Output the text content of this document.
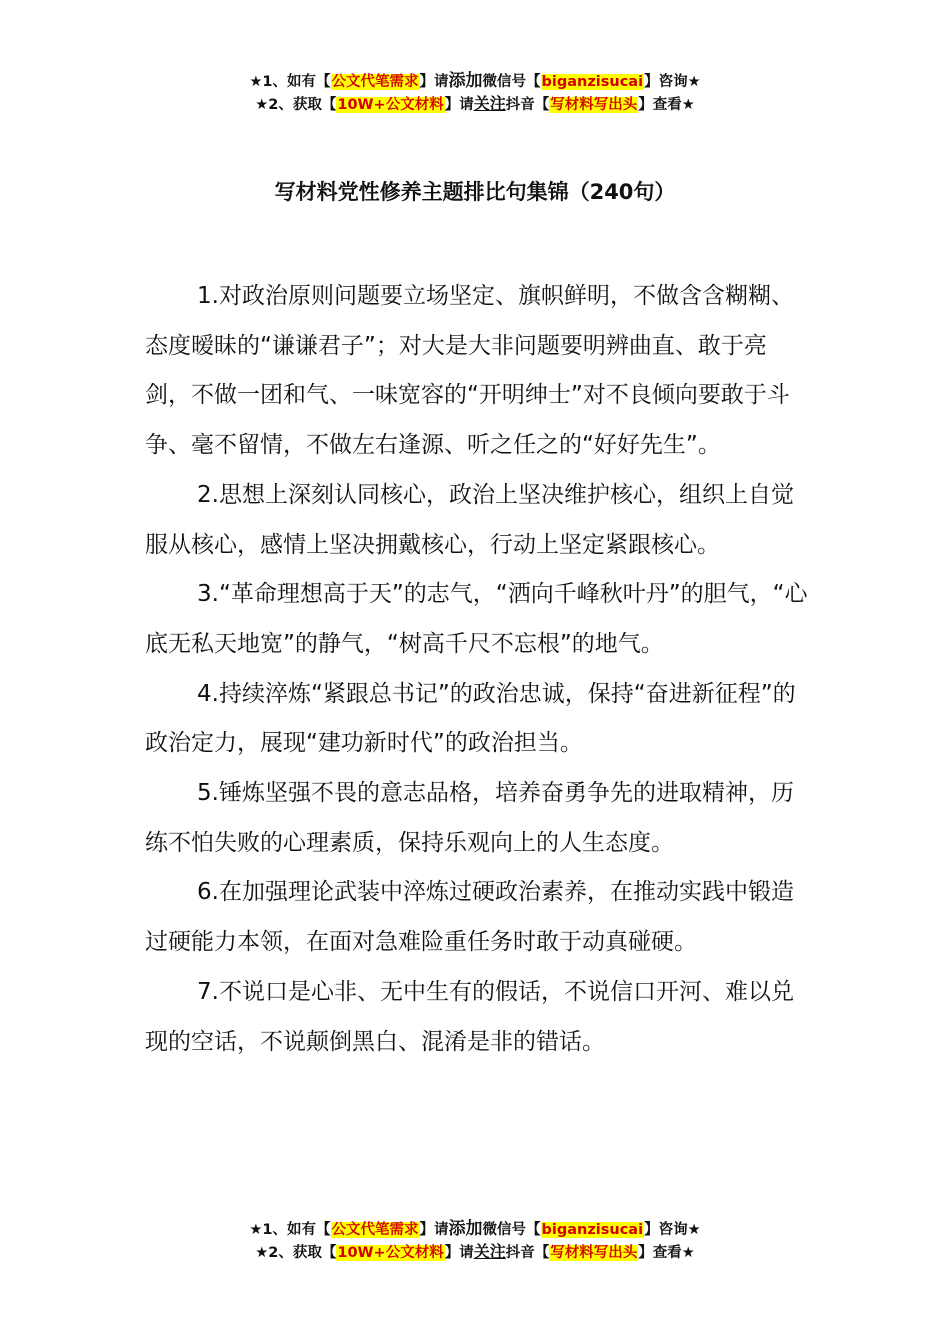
★1、如有【公文代笔需求】请添加微信号【biganzisucai】咨询★
★2、获取【10W+公文材料】请关注抖音【写材料写出头】查看★
写材料党性修养主题排比句集锦（240句）

1.对政治原则问题要立场坚定、旗帜鲜明，不做含含糊糊、态度暧昧的“谦谦君子”；对大是大非问题要明辨曲直、敢于亮剑，不做一团和气、一味宽容的“开明绅士”对不良倾向要敢于斗争、毫不留情，不做左右逢源、听之任之的“好好先生”。

2.思想上深刻认同核心，政治上坚决维护核心，组织上自觉服从核心，感情上坚决拥戴核心，行动上坚定紧跟核心。

3.“革命理想高于天”的志气，“洒向千峰秋叶丹”的胆气，“心底无私天地宽”的静气，“树高千尺不忘根”的地气。

4.持续淬炼“紧跟总书记”的政治忠诚，保持“奋进新征程”的政治定力，展现“建功新时代”的政治担当。

5.锤炼坚强不畏的意志品格，培养奋勇争先的进取精神，历练不怕失败的心理素质，保持乐观向上的人生态度。

6.在加强理论武装中淬炼过硬政治素养，在推动实践中锻造过硬能力本领，在面对急难险重任务时敢于动真碰硬。

7.不说口是心非、无中生有的假话，不说信口开河、难以兑现的空话，不说颠倒黑白、混淆是非的错话。

★1、如有【公文代笔需求】请添加微信号【biganzisucai】咨询★
★2、获取【10W+公文材料】请关注抖音【写材料写出头】查看★
